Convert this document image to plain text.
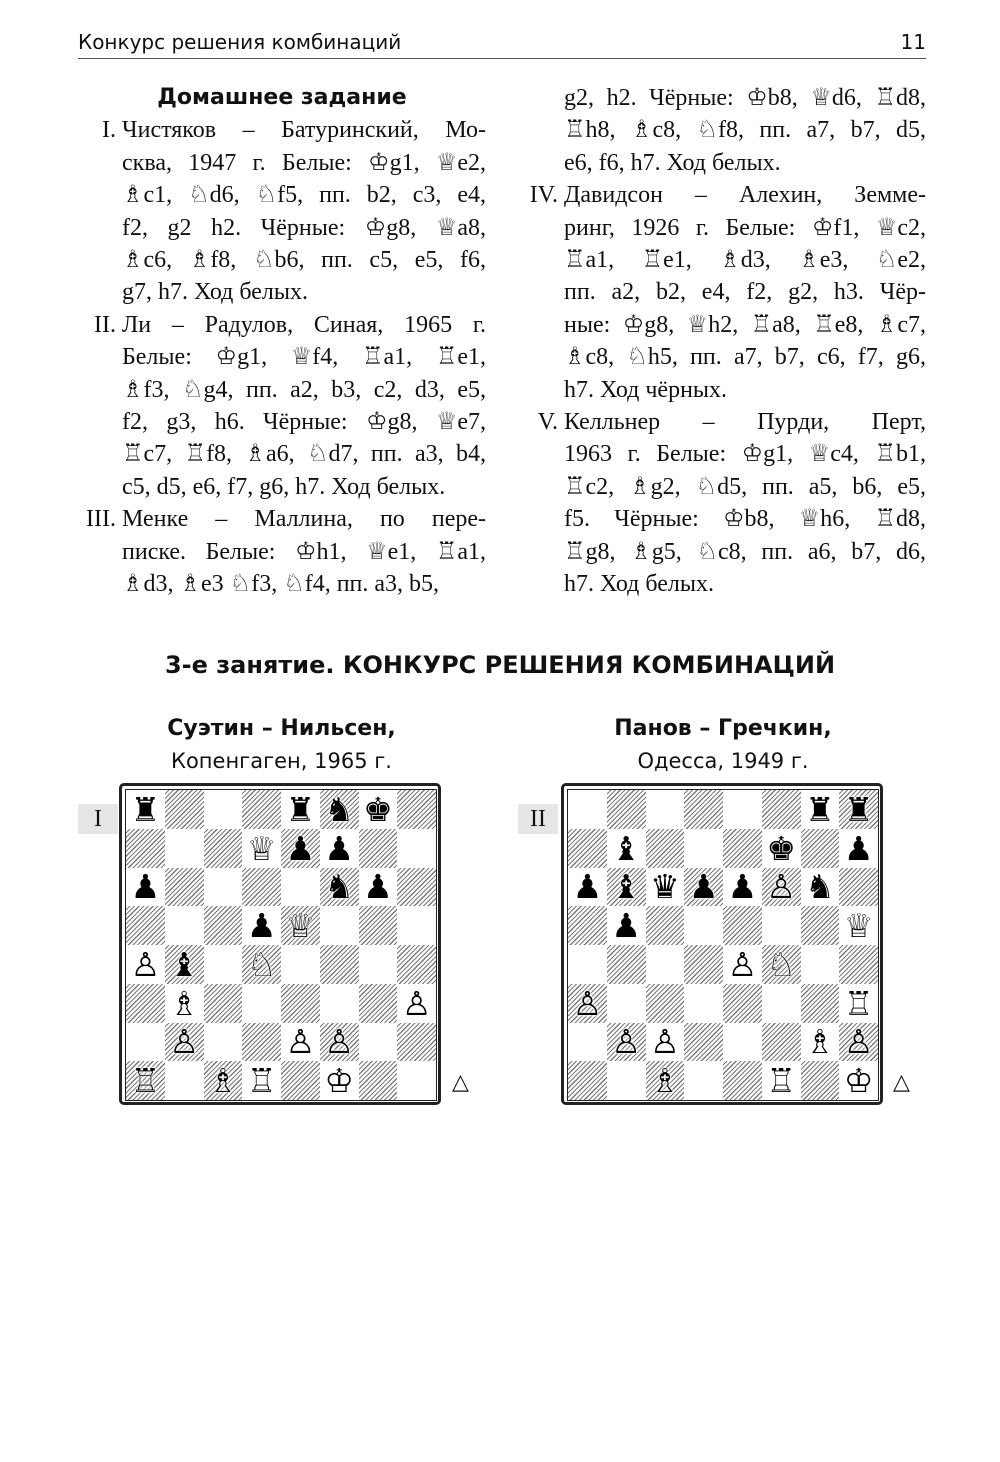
Конкурс решения комбинаций	11
Домашнее задание
I. Чистяков – Батуринский, Мо-
сква, 1947 г. Белые: ♔g1, ♕e2,
♗c1, ♘d6, ♘f5, пп. b2, c3, e4,
f2, g2 h2. Чёрные: ♔g8, ♕a8,
♗c6, ♗f8, ♘b6, пп. c5, e5, f6,
g7, h7. Ход белых.
II. Ли – Радулов, Синая, 1965 г.
Белые: ♔g1, ♕f4, ♖a1, ♖e1,
♗f3, ♘g4, пп. a2, b3, c2, d3, e5,
f2, g3, h6. Чёрные: ♔g8, ♕e7,
♖c7, ♖f8, ♗a6, ♘d7, пп. a3, b4,
c5, d5, e6, f7, g6, h7. Ход белых.
III. Менке – Маллина, по пере-
писке. Белые: ♔h1, ♕e1, ♖a1,
♗d3, ♗e3 ♘f3, ♘f4, пп. a3, b5,
g2, h2. Чёрные: ♔b8, ♕d6, ♖d8,
♖h8, ♗c8, ♘f8, пп. a7, b7, d5,
e6, f6, h7. Ход белых.
IV. Давидсон – Алехин, Земме-
ринг, 1926 г. Белые: ♔f1, ♕c2,
♖a1, ♖e1, ♗d3, ♗e3, ♘e2,
пп. a2, b2, e4, f2, g2, h3. Чёр-
ные: ♔g8, ♕h2, ♖a8, ♖e8, ♗c7,
♗c8, ♘h5, пп. a7, b7, c6, f7, g6,
h7. Ход чёрных.
V. Келльнер – Пурди, Перт,
1963 г. Белые: ♔g1, ♕c4, ♖b1,
♖c2, ♗g2, ♘d5, пп. a5, b6, e5,
f5. Чёрные: ♔b8, ♕h6, ♖d8,
♖g8, ♗g5, ♘c8, пп. a6, b7, d6,
h7. Ход белых.
3-е занятие. КОНКУРС РЕШЕНИЯ КОМБИНАЦИЙ
Суэтин – Нильсен,
Копенгаген, 1965 г.
Панов – Гречкин,
Одесса, 1949 г.
I	II
♜	♜ ♞ ♚
♕ ♟ ♟
♟	♞ ♟
♟ ♕
♙ ♝ ♘
♗	♙
♙	♙ ♙
♖ ♗ ♖ ♔
♜ ♜
♝	♚ ♟
♟ ♝ ♛ ♟ ♟ ♙ ♞
♟	♕
♙ ♘
♙	♖
♙ ♙	♗ ♙
♗	♖ ♔
△	△
